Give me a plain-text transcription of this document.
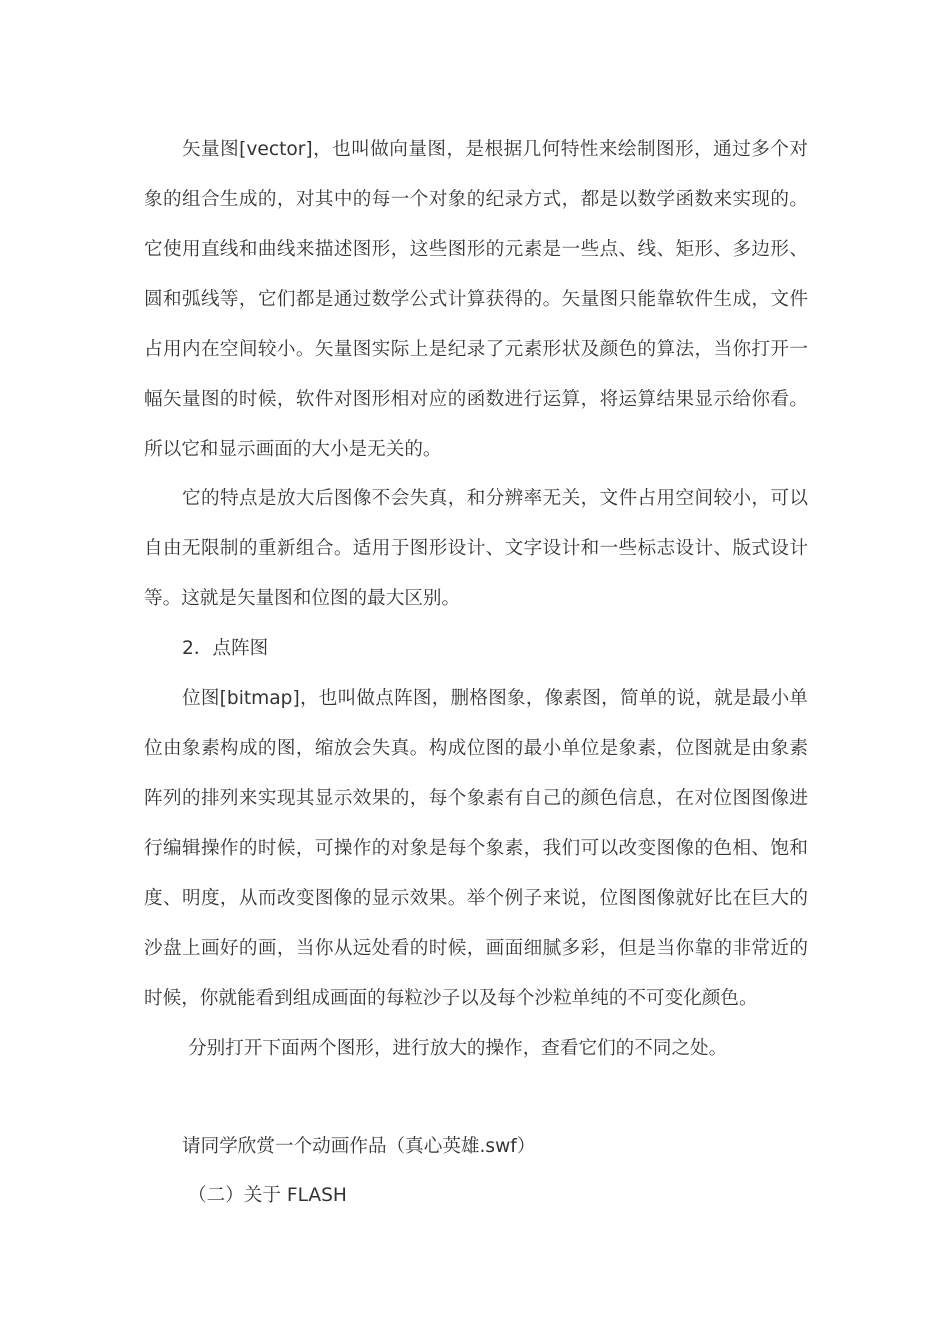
矢量图[vector]，也叫做向量图，是根据几何特性来绘制图形，通过多个对象的组合生成的，对其中的每一个对象的纪录方式，都是以数学函数来实现的。它使用直线和曲线来描述图形，这些图形的元素是一些点、线、矩形、多边形、圆和弧线等，它们都是通过数学公式计算获得的。矢量图只能靠软件生成，文件占用内在空间较小。矢量图实际上是纪录了元素形状及颜色的算法，当你打开一幅矢量图的时候，软件对图形相对应的函数进行运算，将运算结果显示给你看。所以它和显示画面的大小是无关的。

它的特点是放大后图像不会失真，和分辨率无关，文件占用空间较小，可以自由无限制的重新组合。适用于图形设计、文字设计和一些标志设计、版式设计等。这就是矢量图和位图的最大区别。

2．点阵图

位图[bitmap]，也叫做点阵图，删格图象，像素图，简单的说，就是最小单位由象素构成的图，缩放会失真。构成位图的最小单位是象素，位图就是由象素阵列的排列来实现其显示效果的，每个象素有自己的颜色信息，在对位图图像进行编辑操作的时候，可操作的对象是每个象素，我们可以改变图像的色相、饱和度、明度，从而改变图像的显示效果。举个例子来说，位图图像就好比在巨大的沙盘上画好的画，当你从远处看的时候，画面细腻多彩，但是当你靠的非常近的时候，你就能看到组成画面的每粒沙子以及每个沙粒单纯的不可变化颜色。

分别打开下面两个图形，进行放大的操作，查看它们的不同之处。

请同学欣赏一个动画作品（真心英雄.swf）

（二）关于 FLASH
